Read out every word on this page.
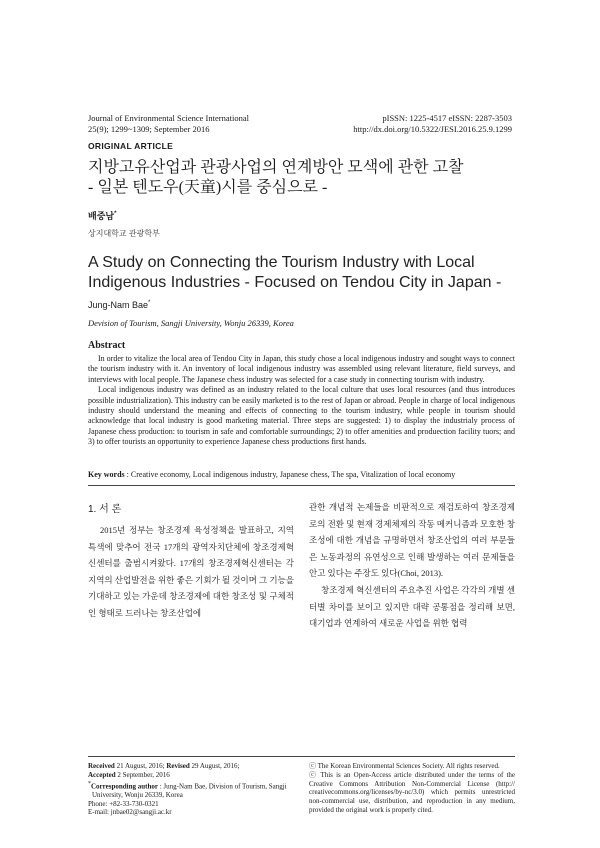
Journal of Environmental Science International
25(9); 1299~1309; September 2016
pISSN: 1225-4517 eISSN: 2287-3503
http://dx.doi.org/10.5322/JESI.2016.25.9.1299
ORIGINAL ARTICLE
지방고유산업과 관광사업의 연계방안 모색에 관한 고찰
- 일본 텐도우(天童)시를 중심으로 -
배중남*
상지대학교 관광학부
A Study on Connecting the Tourism Industry with Local
Indigenous Industries - Focused on Tendou City in Japan -
Jung-Nam Bae*
Devision of Tourism, Sangji University, Wonju 26339, Korea
Abstract

In order to vitalize the local area of Tendou City in Japan, this study chose a local indigenous industry and sought ways to connect the tourism industry with it. An inventory of local indigenous industry was assembled using relevant literature, field surveys, and interviews with local people. The Japanese chess industry was selected for a case study in connecting tourism with industry.

Local indigenous industry was defined as an industry related to the local culture that uses local resources (and thus introduces possible industrialization). This industry can be easily marketed is to the rest of Japan or abroad. People in charge of local indigenous industry should understand the meaning and effects of connecting to the tourism industry, while people in tourism should acknowledge that local industry is good marketing material. Three steps are suggested: 1) to display the industrialy process of Japanese chess production: to tourism in safe and comfortable surroundings; 2) to offer amenities and produection facility tuors; and 3) to offer tourists an opportunity to experience Japanese chess productions first hands.

Key words : Creative economy, Local indigenous industry, Japanese chess, The spa, Vitalization of local economy
1. 서 론

2015년 정부는 창조경제 육성정책을 발표하고, 지역 특색에 맞추어 전국 17개의 광역자치단체에 창조경제혁신센터를 출범시켜왔다. 17개의 창조경제혁신센터는 각 지역의 산업발전을 위한 좋은 기회가 될 것이며 그 기능을 기대하고 있는 가운데 창조경제에 대한 창조성 및 구체적인 형태로 드러나는 창조산업에

관한 개념적 논제들을 비판적으로 재검토하여 창조경제로의 전환 및 현재 경제체제의 작동 메커니즘과 모호한 창조성에 대한 개념을 규명하면서 창조산업의 여러 부문들은 노동과정의 유연성으로 인해 발생하는 여러 문제들을 안고 있다는 주장도 있다(Choi, 2013).

창조경제 혁신센터의 주요추진 사업은 각각의 개별 센터별 차이를 보이고 있지만 대략 공통점을 정리해 보면, 대기업과 연계하여 새로운 사업을 위한 협력

Received 21 August, 2016; Revised 29 August, 2016;
Accepted 2 September, 2016
*Corresponding author : Jung-Nam Bae, Division of Tourism, Sangji
University, Wonju 26339, Korea
Phone: +82-33-730-0321
E-mail: jnbae02@sangji.ac.kr
ⓒ The Korean Environmental Sciences Society. All rights reserved.
ⓒ This is an Open-Access article distributed under the terms of the Creative Commons Attribution Non-Commercial License (http:// creativecommons.org/licenses/by-nc/3.0) which permits unrestricted non-commercial use, distribution, and reproduction in any medium, provided the original work is properly cited.
